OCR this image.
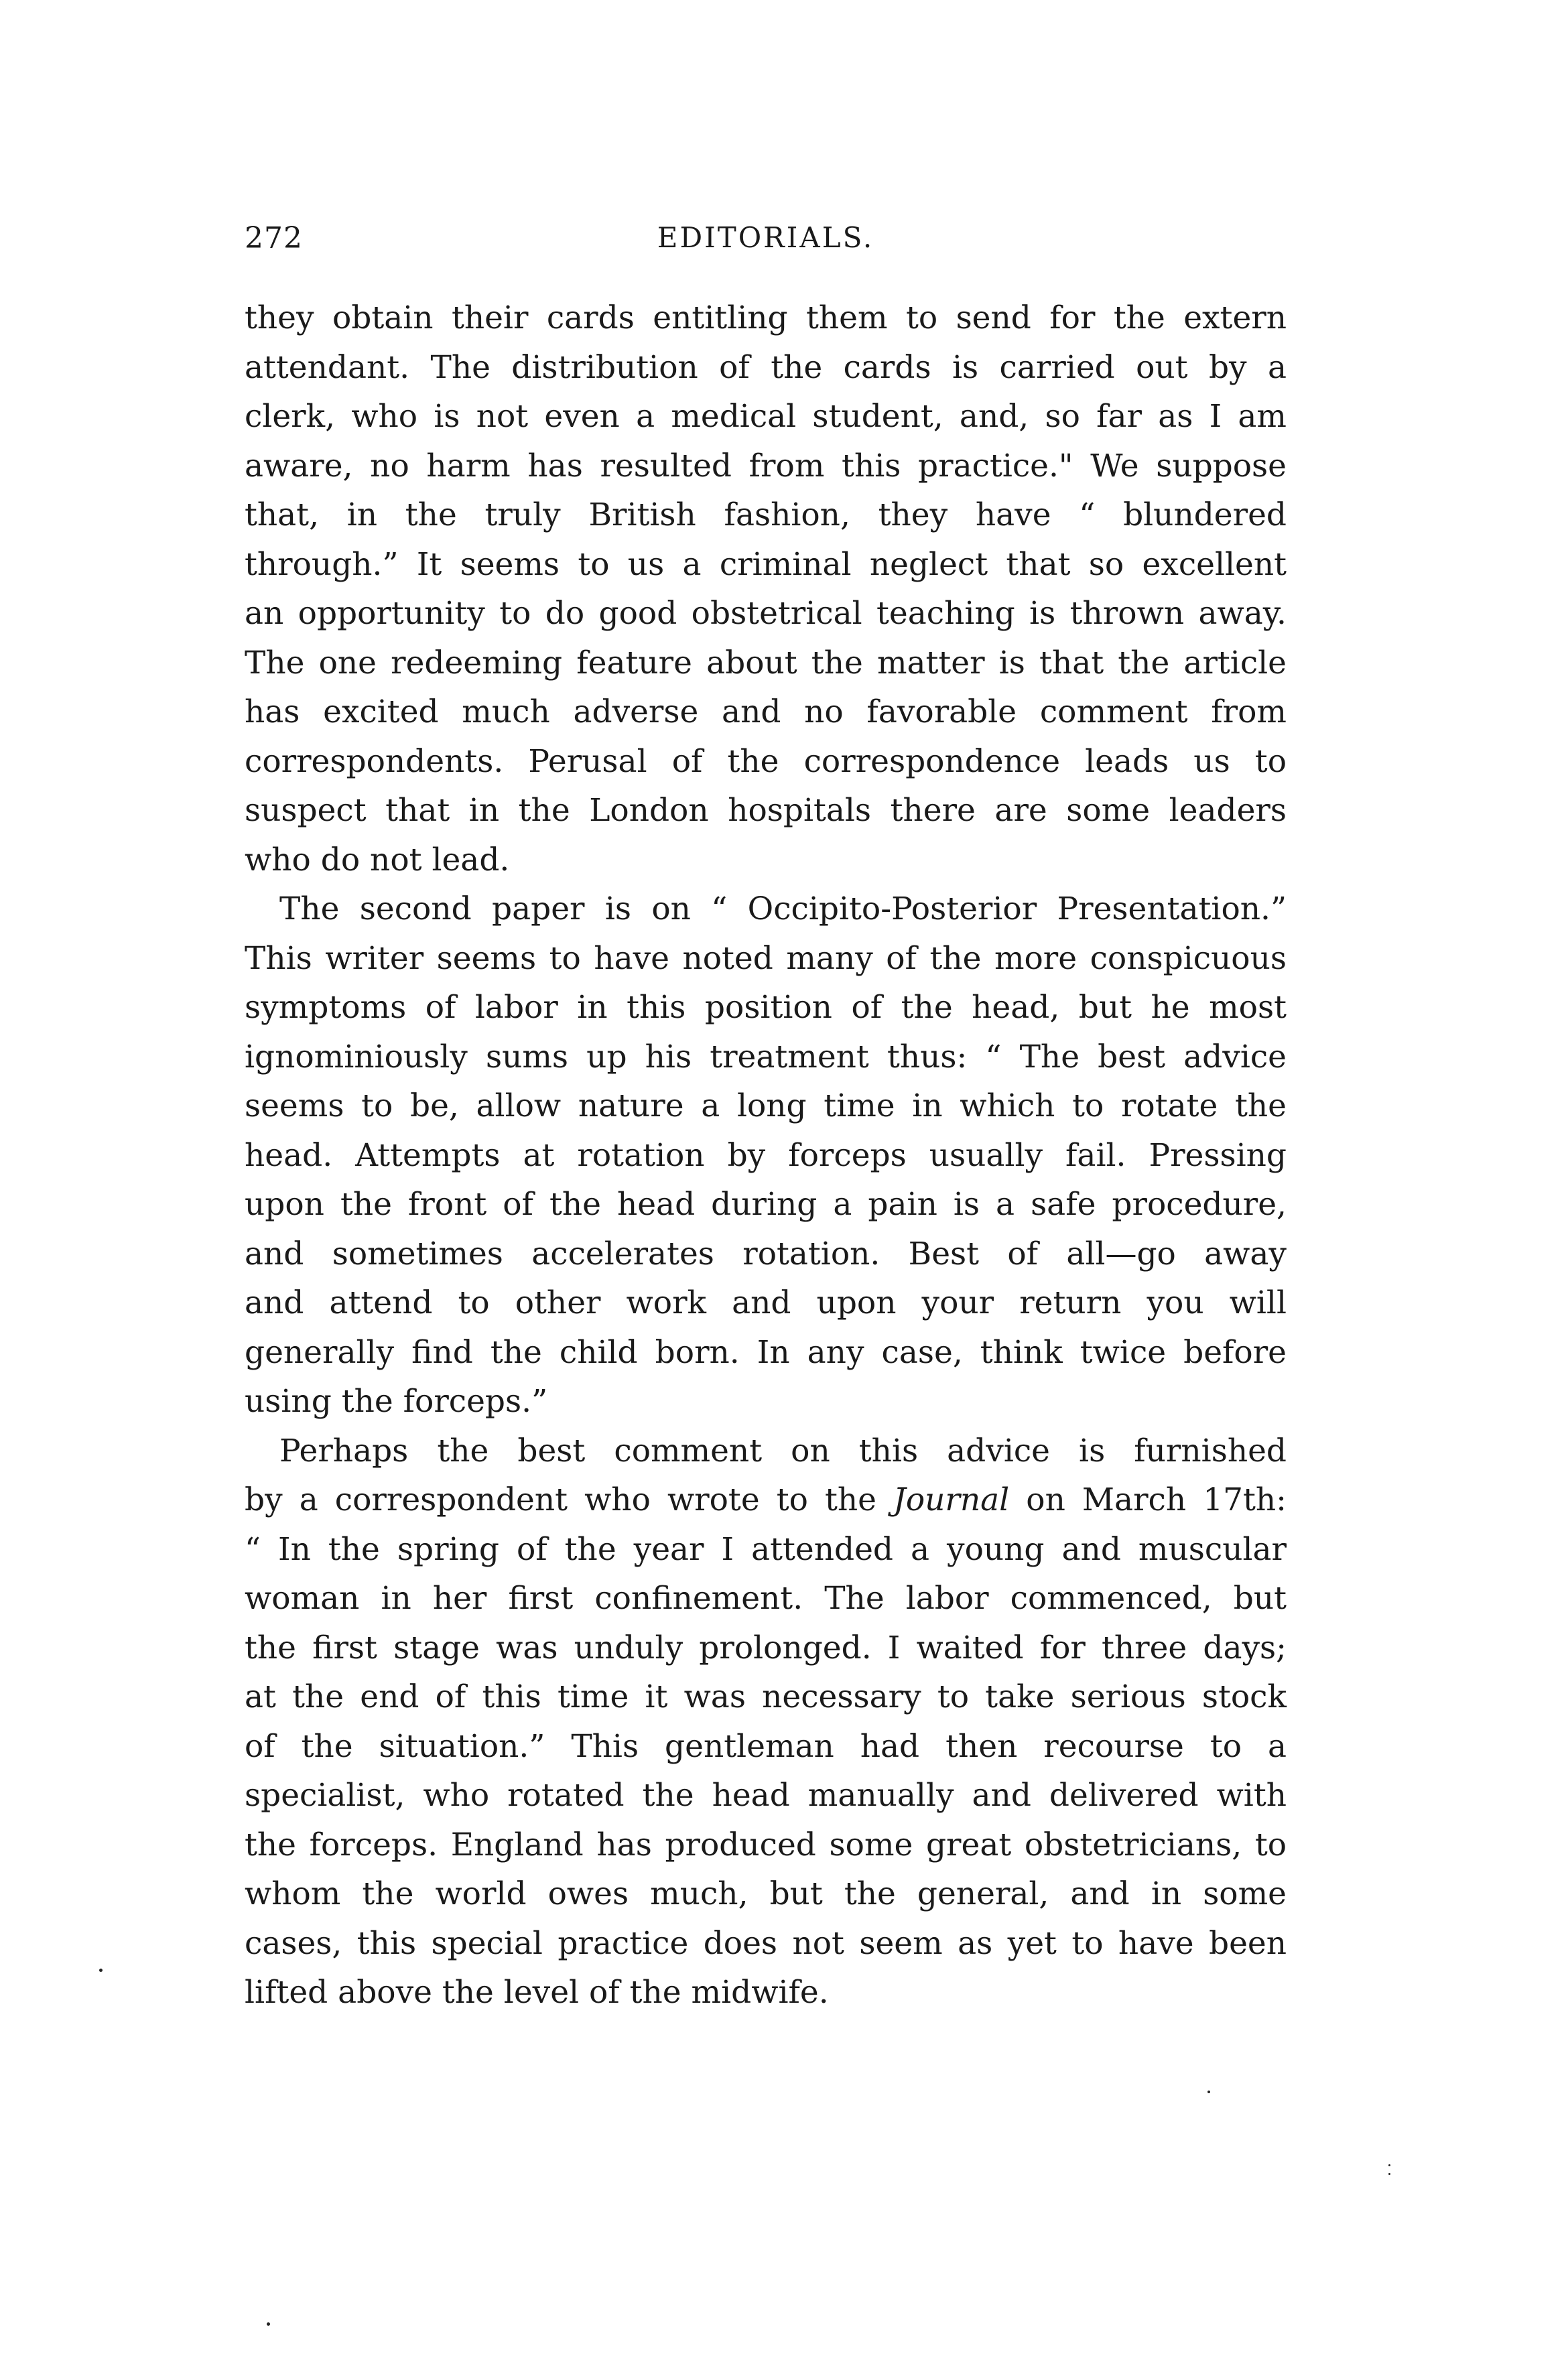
272	EDITORIALS.

they obtain their cards entitling them to send for the extern
attendant. The distribution of the cards is carried out by a
clerk, who is not even a medical student, and, so far as I am
aware, no harm has resulted from this practice." We suppose
that, in the truly British fashion, they have “ blundered
through.” It seems to us a criminal neglect that so excellent
an opportunity to do good obstetrical teaching is thrown away.
The one redeeming feature about the matter is that the article
has excited much adverse and no favorable comment from
correspondents. Perusal of the correspondence leads us to
suspect that in the London hospitals there are some leaders
who do not lead.

The second paper is on “ Occipito-Posterior Presentation.”
This writer seems to have noted many of the more conspicuous
symptoms of labor in this position of the head, but he most
ignominiously sums up his treatment thus: “ The best advice
seems to be, allow nature a long time in which to rotate the
head. Attempts at rotation by forceps usually fail. Pressing
upon the front of the head during a pain is a safe procedure,
and sometimes accelerates rotation. Best of all—go away
and attend to other work and upon your return you will
generally find the child born. In any case, think twice before
using the forceps.”

Perhaps the best comment on this advice is furnished
by a correspondent who wrote to the Journal on March 17th:
“ In the spring of the year I attended a young and muscular
woman in her first confinement. The labor commenced, but
the first stage was unduly prolonged. I waited for three days;
at the end of this time it was necessary to take serious stock
of the situation.” This gentleman had then recourse to a
specialist, who rotated the head manually and delivered with
the forceps. England has produced some great obstetricians, to
whom the world owes much, but the general, and in some
cases, this special practice does not seem as yet to have been
lifted above the level of the midwife.
